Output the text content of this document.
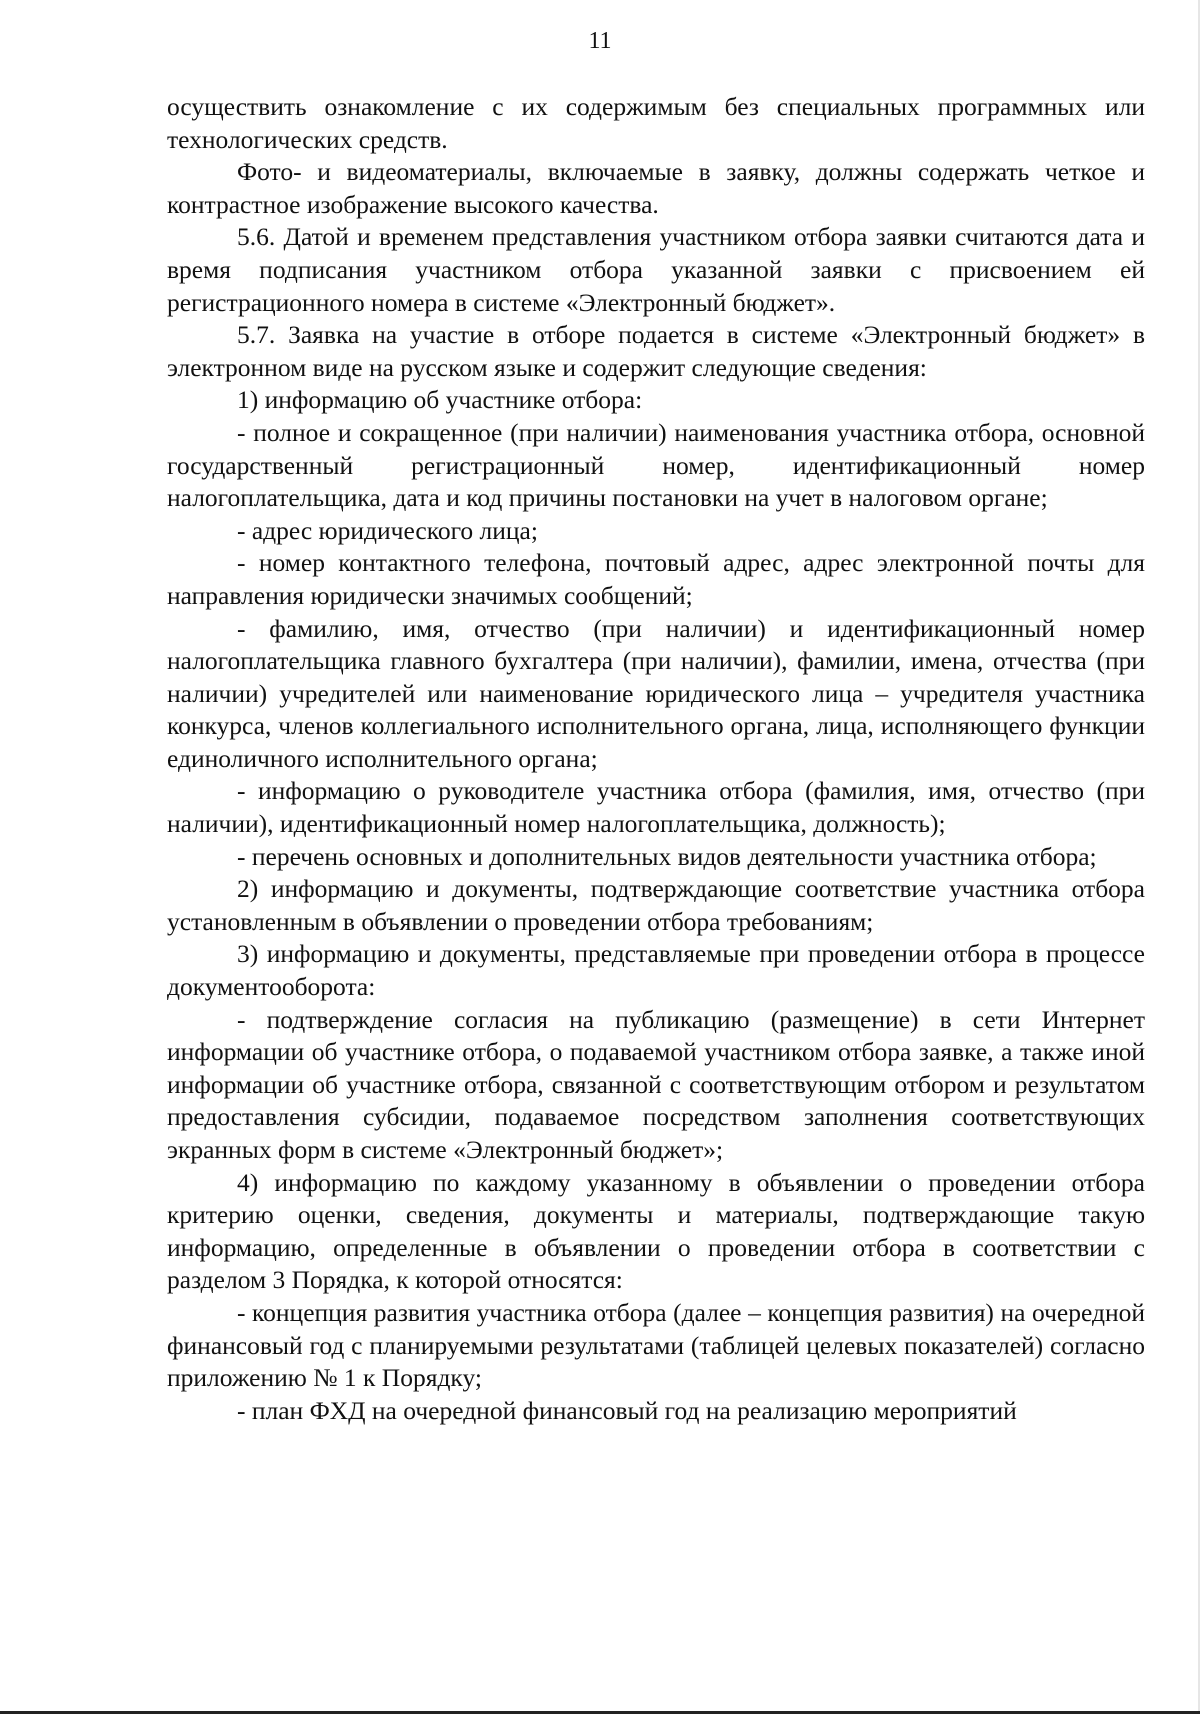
11

осуществить ознакомление с их содержимым без специальных программных или технологических средств.

Фото- и видеоматериалы, включаемые в заявку, должны содержать четкое и контрастное изображение высокого качества.

5.6. Датой и временем представления участником отбора заявки считаются дата и время подписания участником отбора указанной заявки с присвоением ей регистрационного номера в системе «Электронный бюджет».

5.7. Заявка на участие в отборе подается в системе «Электронный бюджет» в электронном виде на русском языке и содержит следующие сведения:

1) информацию об участнике отбора:

- полное и сокращенное (при наличии) наименования участника отбора, основной государственный регистрационный номер, идентификационный номер налогоплательщика, дата и код причины постановки на учет в налоговом органе;

- адрес юридического лица;

- номер контактного телефона, почтовый адрес, адрес электронной почты для направления юридически значимых сообщений;

- фамилию, имя, отчество (при наличии) и идентификационный номер налогоплательщика главного бухгалтера (при наличии), фамилии, имена, отчества (при наличии) учредителей или наименование юридического лица – учредителя участника конкурса, членов коллегиального исполнительного органа, лица, исполняющего функции единоличного исполнительного органа;

- информацию о руководителе участника отбора (фамилия, имя, отчество (при наличии), идентификационный номер налогоплательщика, должность);

- перечень основных и дополнительных видов деятельности участника отбора;

2) информацию и документы, подтверждающие соответствие участника отбора установленным в объявлении о проведении отбора требованиям;

3) информацию и документы, представляемые при проведении отбора в процессе документооборота:

- подтверждение согласия на публикацию (размещение) в сети Интернет информации об участнике отбора, о подаваемой участником отбора заявке, а также иной информации об участнике отбора, связанной с соответствующим отбором и результатом предоставления субсидии, подаваемое посредством заполнения соответствующих экранных форм в системе «Электронный бюджет»;

4) информацию по каждому указанному в объявлении о проведении отбора критерию оценки, сведения, документы и материалы, подтверждающие такую информацию, определенные в объявлении о проведении отбора в соответствии с разделом 3 Порядка, к которой относятся:

- концепция развития участника отбора (далее – концепция развития) на очередной финансовый год с планируемыми результатами (таблицей целевых показателей) согласно приложению № 1 к Порядку;

- план ФХД на очередной финансовый год на реализацию мероприятий
